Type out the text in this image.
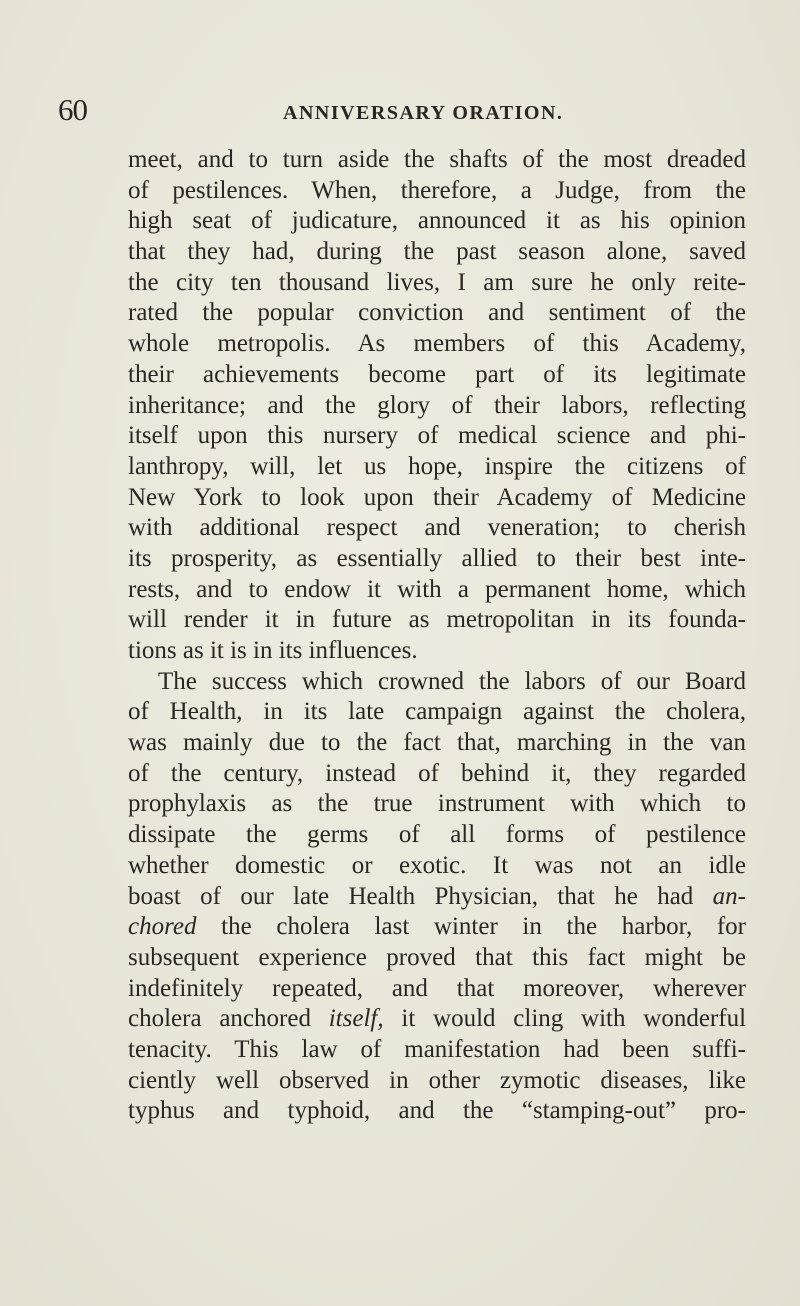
60	ANNIVERSARY ORATION.
meet, and to turn aside the shafts of the most dreaded
of pestilences. When, therefore, a Judge, from the
high seat of judicature, announced it as his opinion
that they had, during the past season alone, saved
the city ten thousand lives, I am sure he only reite-
rated the popular conviction and sentiment of the
whole metropolis. As members of this Academy,
their achievements become part of its legitimate
inheritance; and the glory of their labors, reflecting
itself upon this nursery of medical science and phi-
lanthropy, will, let us hope, inspire the citizens of
New York to look upon their Academy of Medicine
with additional respect and veneration; to cherish
its prosperity, as essentially allied to their best inte-
rests, and to endow it with a permanent home, which
will render it in future as metropolitan in its founda-
tions as it is in its influences.
The success which crowned the labors of our Board
of Health, in its late campaign against the cholera,
was mainly due to the fact that, marching in the van
of the century, instead of behind it, they regarded
prophylaxis as the true instrument with which to
dissipate the germs of all forms of pestilence
whether domestic or exotic. It was not an idle
boast of our late Health Physician, that he had an-
chored the cholera last winter in the harbor, for
subsequent experience proved that this fact might be
indefinitely repeated, and that moreover, wherever
cholera anchored itself, it would cling with wonderful
tenacity. This law of manifestation had been suffi-
ciently well observed in other zymotic diseases, like
typhus and typhoid, and the “stamping-out” pro-
